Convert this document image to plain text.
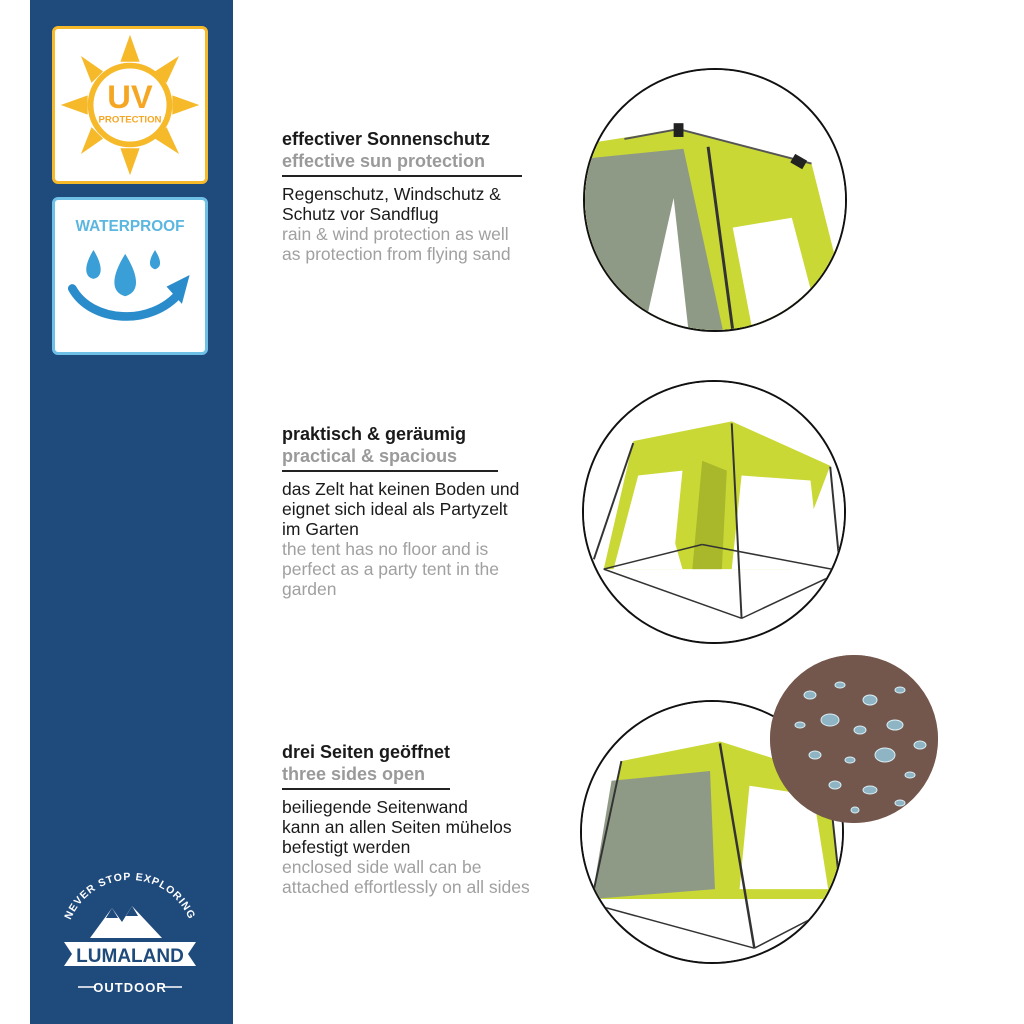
UV
PROTECTION
WATERPROOF
effectiver Sonnenschutz
effective sun protection
Regenschutz, Windschutz &
Schutz vor Sandflug
rain & wind protection as well
as protection from flying sand
praktisch & geräumig
practical & spacious
das Zelt hat keinen Boden und
eignet sich ideal als Partyzelt
im Garten
the tent has no floor and is
perfect as a party tent in the
garden
drei Seiten geöffnet
three sides open
beiliegende Seitenwand
kann an allen Seiten mühelos
befestigt werden
enclosed side wall can be
attached effortlessly on all sides
NEVER STOP EXPLORING
LUMALAND
OUTDOOR
